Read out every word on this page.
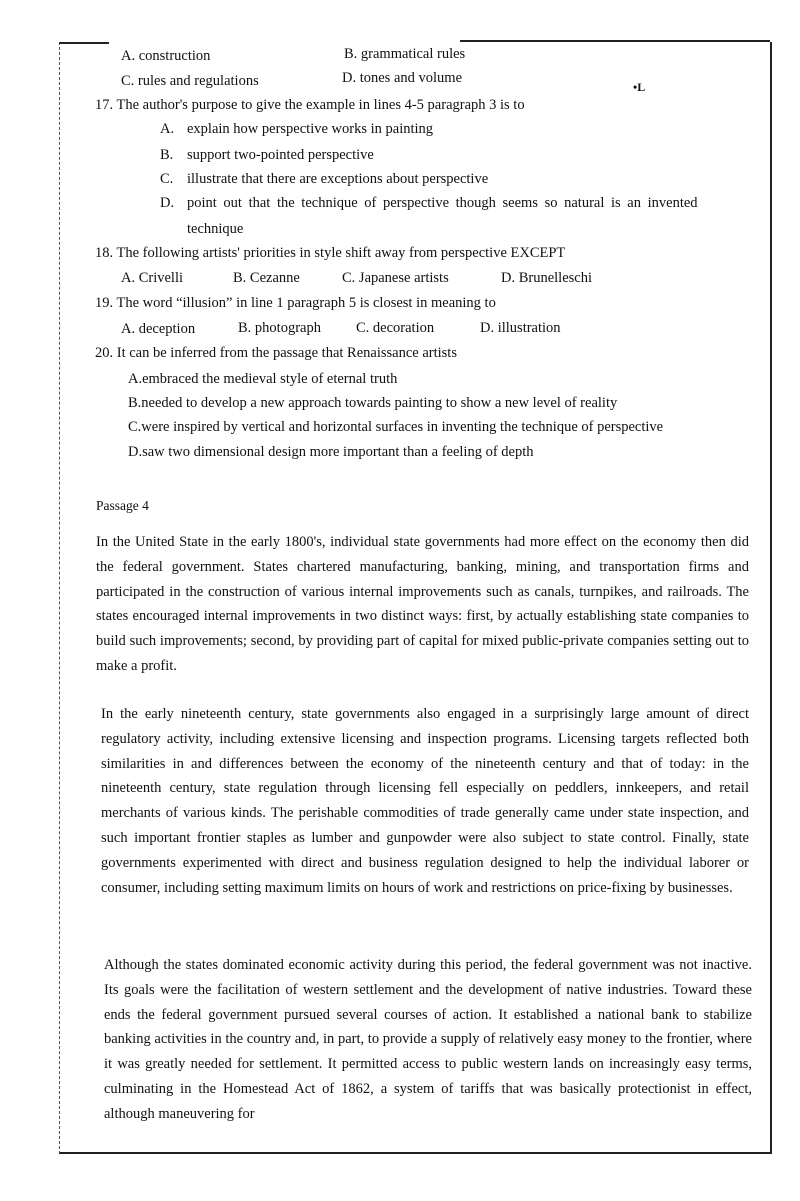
•L
A. construction	B. grammatical rules
C. rules and regulations	D. tones and volume
17. The author's purpose to give the example in lines 4-5 paragraph 3 is to
A. explain how perspective works in painting
B. support two-pointed perspective
C. illustrate that there are exceptions about perspective
D. point out that the technique of perspective though seems so natural is an invented
technique
18. The following artists' priorities in style shift away from perspective EXCEPT
A. Crivelli	B. Cezanne	C. Japanese artists	D. Brunelleschi
19. The word “illusion” in line 1 paragraph 5 is closest in meaning to
A. deception	B. photograph C. decoration	D. illustration
20. It can be inferred from the passage that Renaissance artists
A.embraced the medieval style of eternal truth
B.needed to develop a new approach towards painting to show a new level of reality
C.were inspired by vertical and horizontal surfaces in inventing the technique of perspective
D.saw two dimensional design more important than a feeling of depth
Passage 4

In the United State in the early 1800's, individual state governments had more effect on the economy then did the federal government. States chartered manufacturing, banking, mining, and transportation firms and participated in the construction of various internal improvements such as canals, turnpikes, and railroads. The states encouraged internal improvements in two distinct ways: first, by actually establishing state companies to build such improvements; second, by providing part of capital for mixed public-private companies setting out to make a profit.

In the early nineteenth century, state governments also engaged in a surprisingly large amount of direct regulatory activity, including extensive licensing and inspection programs. Licensing targets reflected both similarities in and differences between the economy of the nineteenth century and that of today: in the nineteenth century, state regulation through licensing fell especially on peddlers, innkeepers, and retail merchants of various kinds. The perishable commodities of trade generally came under state inspection, and such important frontier staples as lumber and gunpowder were also subject to state control. Finally, state governments experimented with direct and business regulation designed to help the individual laborer or consumer, including setting maximum limits on hours of work and restrictions on price-fixing by businesses.

Although the states dominated economic activity during this period, the federal government was not inactive. Its goals were the facilitation of western settlement and the development of native industries. Toward these ends the federal government pursued several courses of action. It established a national bank to stabilize banking activities in the country and, in part, to provide a supply of relatively easy money to the frontier, where it was greatly needed for settlement. It permitted access to public western lands on increasingly easy terms, culminating in the Homestead Act of 1862, a system of tariffs that was basically protectionist in effect, although maneuvering for
